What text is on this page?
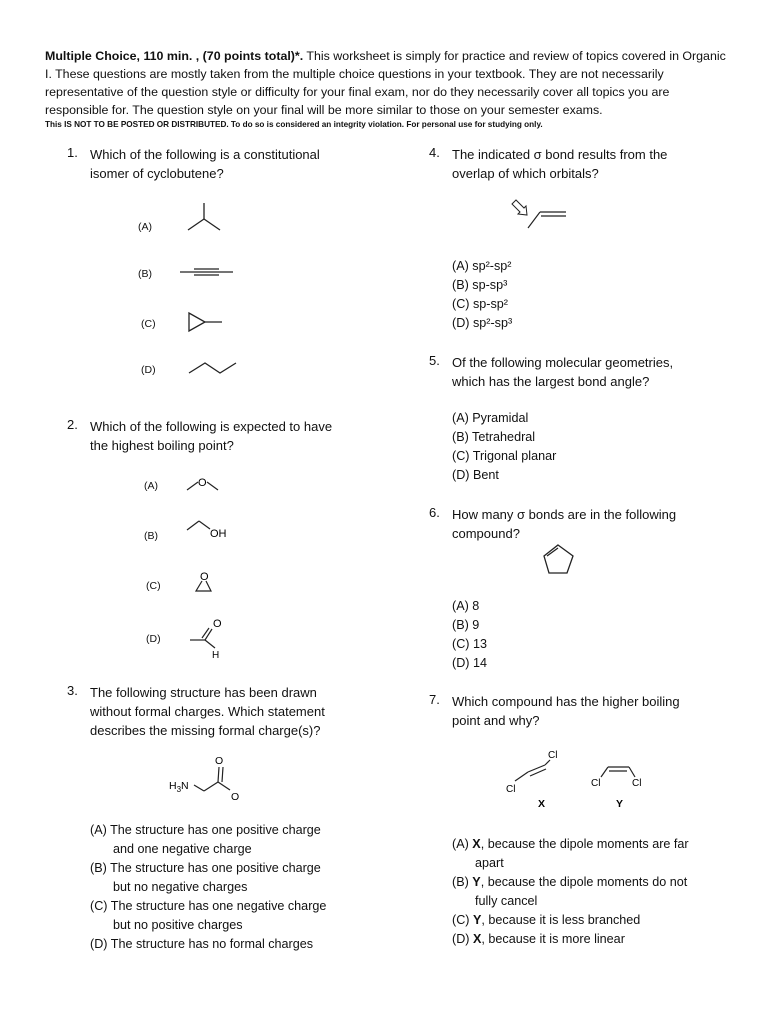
Multiple Choice, 110 min. , (70 points total)*. This worksheet is simply for practice and review of topics covered in Organic I. These questions are mostly taken from the multiple choice questions in your textbook. They are not necessarily representative of the question style or difficulty for your final exam, nor do they necessarily cover all topics you are responsible for. The question style on your final will be more similar to those on your semester exams.
This IS NOT TO BE POSTED OR DISTRIBUTED. To do so is considered an integrity violation. For personal use for studying only.
1. Which of the following is a constitutional
isomer of cyclobutene?
(A)
(B)
(C)
(D)
2. Which of the following is expected to have
the highest boiling point?
(A)
(B)
(C)
(D)
O
OH
O
O
H
3. The following structure has been drawn
without formal charges. Which statement
describes the missing formal charge(s)?
$H_3N$
O
O
(A) The structure has one positive charge
and one negative charge
(B) The structure has one positive charge
but no negative charges
(C) The structure has one negative charge
but no positive charges
(D) The structure has no formal charges
4. The indicated σ bond results from the
overlap of which orbitals?
(A) sp²-sp²
(B) sp-sp³
(C) sp-sp²
(D) sp²-sp³
5. Of the following molecular geometries,
which has the largest bond angle?
(A) Pyramidal
(B) Tetrahedral
(C) Trigonal planar
(D) Bent
6. How many σ bonds are in the following
compound?
(A) 8
(B) 9
(C) 13
(D) 14
7. Which compound has the higher boiling
point and why?
Cl
Cl
X
Cl	Cl
Y
(A) X, because the dipole moments are far
apart
(B) Y, because the dipole moments do not
fully cancel
(C) Y, because it is less branched
(D) X, because it is more linear
